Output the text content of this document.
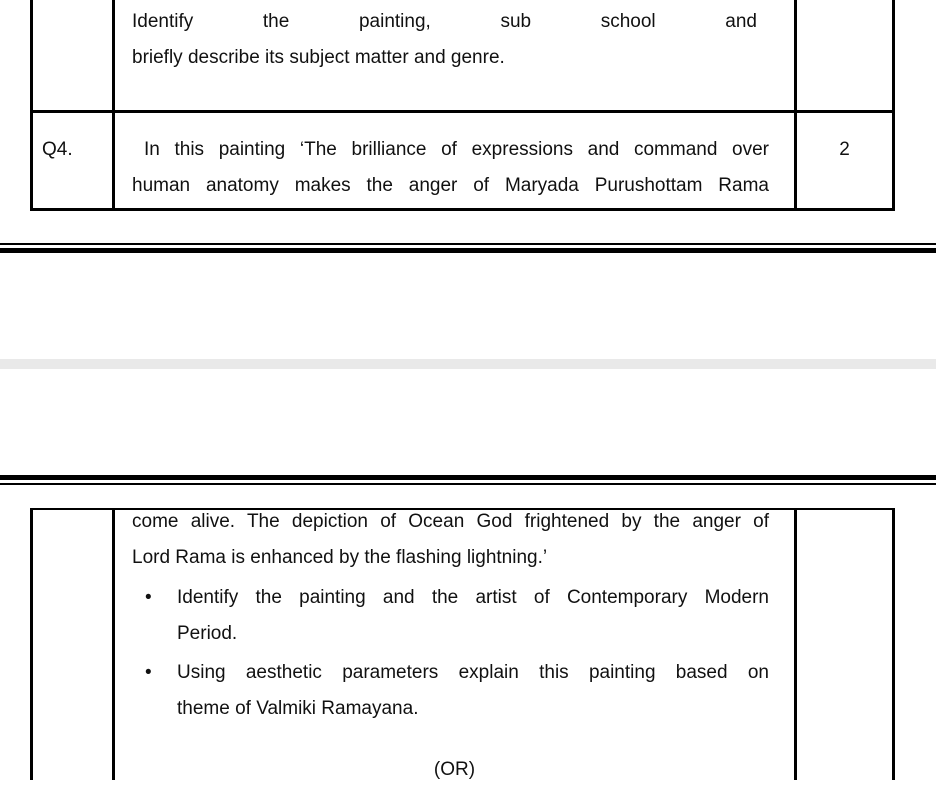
Identify	the	painting,	sub	school	and
briefly describe its subject matter and genre.
Q4.	In this painting ‘The brilliance of expressions and command over
human anatomy makes the anger of Maryada Purushottam Rama
2
come alive. The depiction of Ocean God frightened by the anger of
Lord Rama is enhanced by the flashing lightning.’
• Identify the painting and the artist of Contemporary Modern
Period.
• Using aesthetic parameters explain this painting based on
theme of Valmiki Ramayana.
(OR)
